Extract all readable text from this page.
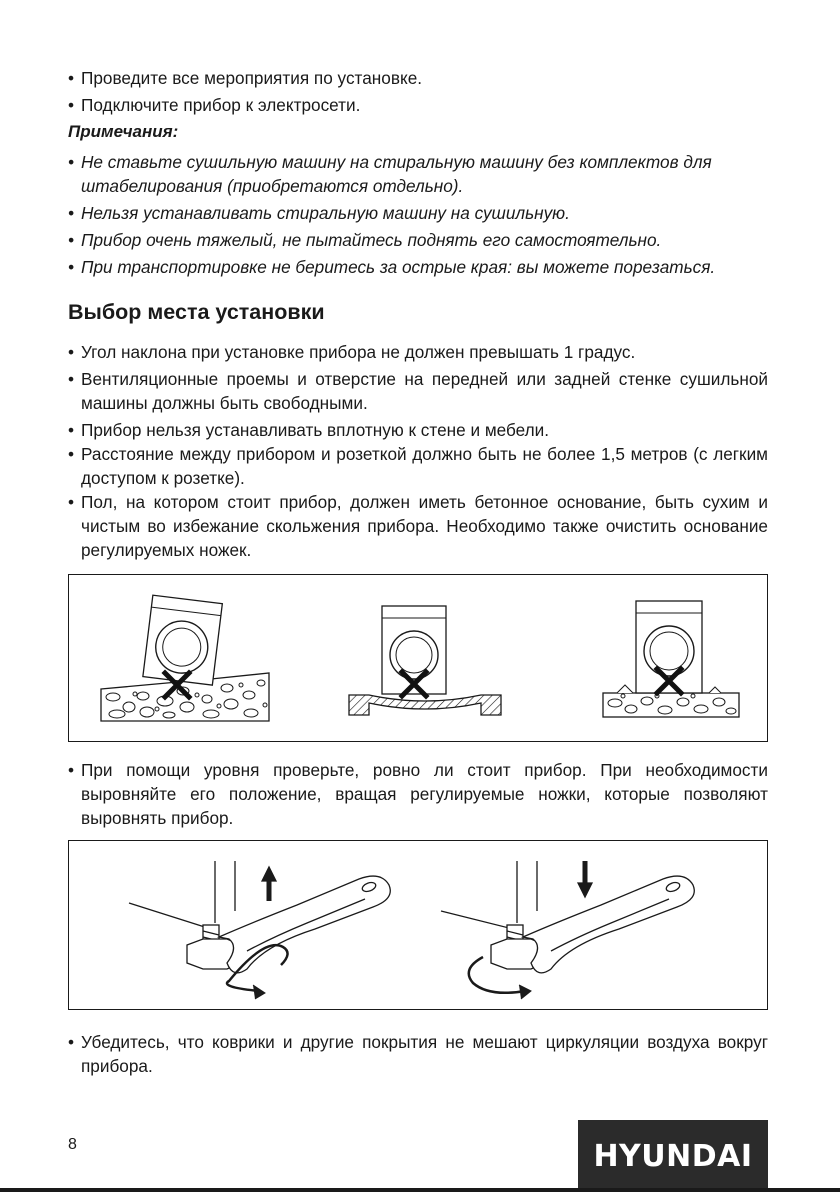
• Проведите все мероприятия по установке.
• Подключите прибор к электросети.
Примечания:
• Не ставьте сушильную машину на стиральную машину без комплектов для штабелирования (приобретаются отдельно).
• Нельзя устанавливать стиральную машину на сушильную.
• Прибор очень тяжелый, не пытайтесь поднять его самостоятельно.
• При транспортировке не беритесь за острые края: вы можете порезаться.
Выбор места установки
• Угол наклона при установке прибора не должен превышать 1 градус.
• Вентиляционные проемы и отверстие на передней или задней стенке сушильной машины должны быть свободными.
• Прибор нельзя устанавливать вплотную к стене и мебели.
• Расстояние между прибором и розеткой должно быть не более 1,5 метров (с легким доступом к розетке).
• Пол, на котором стоит прибор, должен иметь бетонное основание, быть сухим и чистым во избежание скольжения прибора. Необходимо также очистить основание регулируемых ножек.
• При помощи уровня проверьте, ровно ли стоит прибор. При необходимости выровняйте его положение, вращая регулируемые ножки, которые позволяют выровнять прибор.
• Убедитесь, что коврики и другие покрытия не мешают циркуляции воздуха вокруг прибора.
8	HYUNDAI
